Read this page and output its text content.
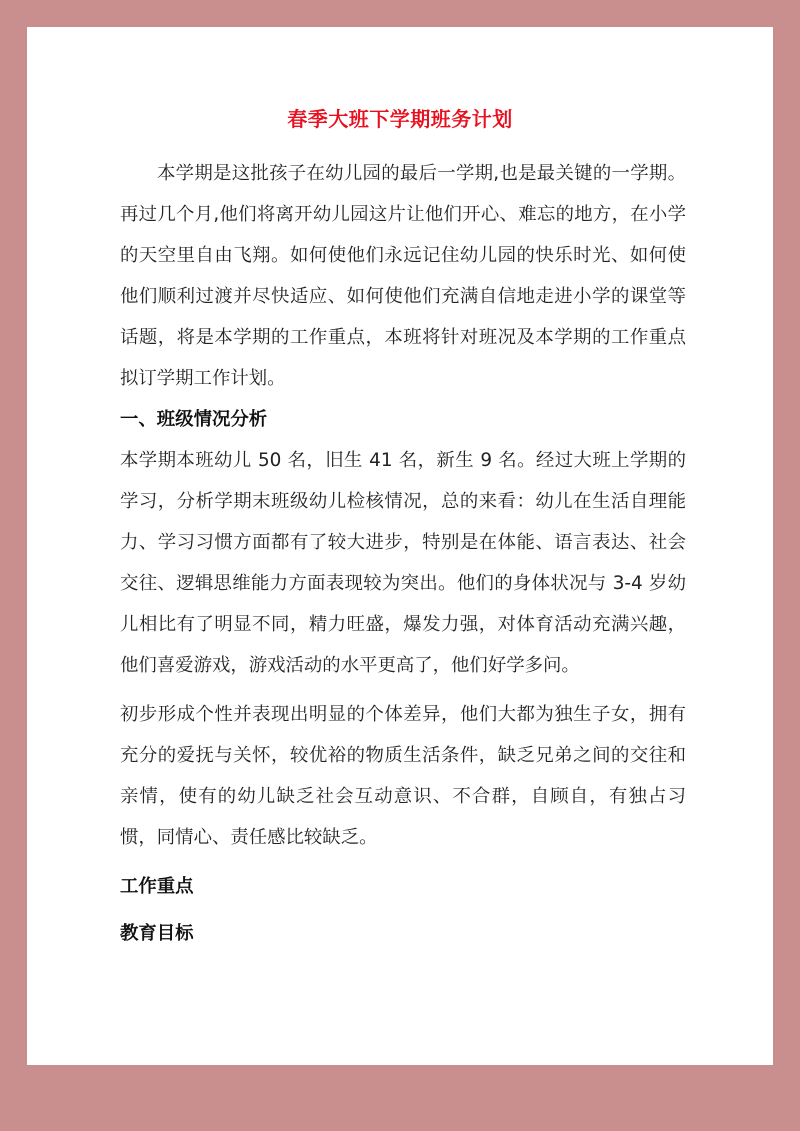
春季大班下学期班务计划

本学期是这批孩子在幼儿园的最后一学期,也是最关键的一学期。再过几个月,他们将离开幼儿园这片让他们开心、难忘的地方，在小学的天空里自由飞翔。如何使他们永远记住幼儿园的快乐时光、如何使他们顺利过渡并尽快适应、如何使他们充满自信地走进小学的课堂等话题，将是本学期的工作重点，本班将针对班况及本学期的工作重点拟订学期工作计划。

一、班级情况分析

本学期本班幼儿 50 名，旧生 41 名，新生 9 名。经过大班上学期的学习，分析学期末班级幼儿检核情况，总的来看：幼儿在生活自理能力、学习习惯方面都有了较大进步，特别是在体能、语言表达、社会交往、逻辑思维能力方面表现较为突出。他们的身体状况与 3-4 岁幼儿相比有了明显不同，精力旺盛，爆发力强，对体育活动充满兴趣，他们喜爱游戏，游戏活动的水平更高了，他们好学多问。

初步形成个性并表现出明显的个体差异，他们大都为独生子女，拥有充分的爱抚与关怀，较优裕的物质生活条件，缺乏兄弟之间的交往和亲情，使有的幼儿缺乏社会互动意识、不合群，自顾自，有独占习惯，同情心、责任感比较缺乏。

工作重点

教育目标
